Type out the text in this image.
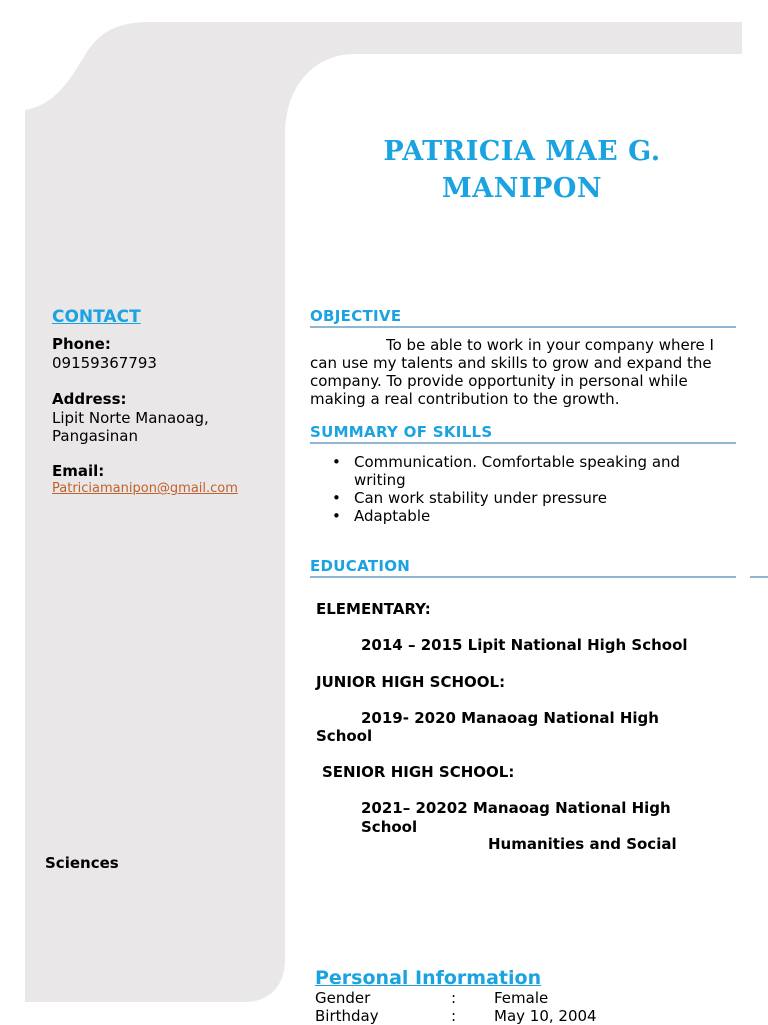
PATRICIA MAE G.
MANIPON
CONTACT
Phone:
09159367793
Address:
Lipit Norte Manaoag,
Pangasinan
Email:
Patriciamanipon@gmail.com
OBJECTIVE
To be able to work in your company where I
can use my talents and skills to grow and expand the
company. To provide opportunity in personal while
making a real contribution to the growth.
SUMMARY OF SKILLS
• Communication. Comfortable speaking and
writing
• Can work stability under pressure
• Adaptable
EDUCATION
ELEMENTARY:
2014 – 2015 Lipit National High School
JUNIOR HIGH SCHOOL:
2019- 2020 Manaoag National High
School
SENIOR HIGH SCHOOL:
2021– 20202 Manaoag National High
School
Humanities and Social
Sciences
Personal Information
Gender	:	Female
Birthday	:	May 10, 2004
